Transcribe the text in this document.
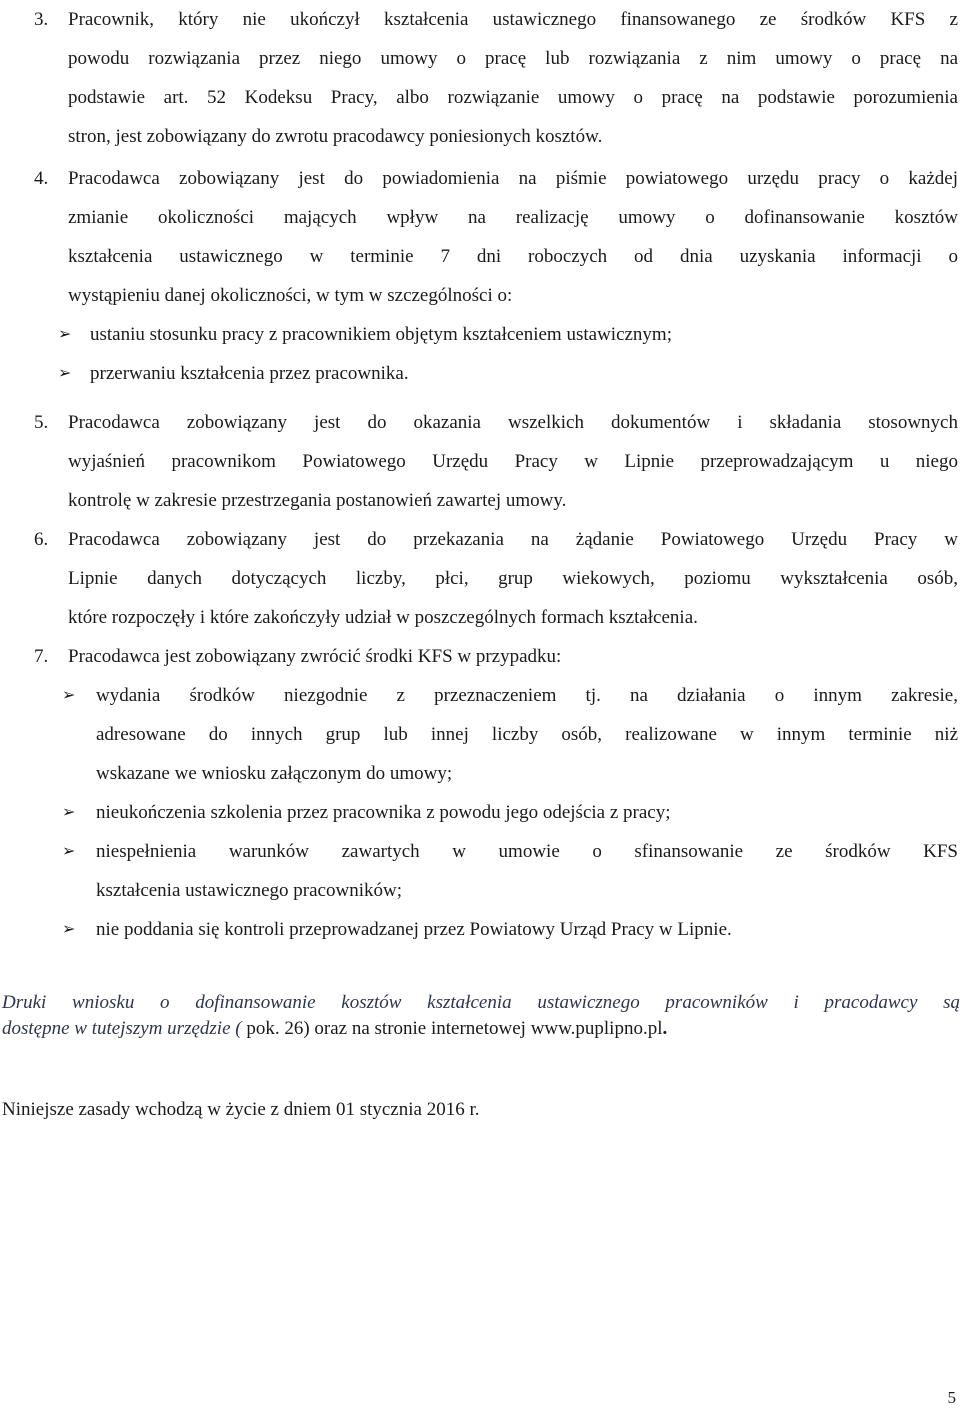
3. Pracownik, który nie ukończył kształcenia ustawicznego finansowanego ze środków KFS z
powodu rozwiązania przez niego umowy o pracę lub rozwiązania z nim umowy o pracę na
podstawie art. 52 Kodeksu Pracy, albo rozwiązanie umowy o pracę na podstawie porozumienia
stron, jest zobowiązany do zwrotu pracodawcy poniesionych kosztów.
4. Pracodawca zobowiązany jest do powiadomienia na piśmie powiatowego urzędu pracy o każdej
zmianie okoliczności mających wpływ na realizację umowy o dofinansowanie kosztów
kształcenia ustawicznego w terminie 7 dni roboczych od dnia uzyskania informacji o
wystąpieniu danej okoliczności, w tym w szczególności o:
➢ ustaniu stosunku pracy z pracownikiem objętym kształceniem ustawicznym;
➢ przerwaniu kształcenia przez pracownika.
5. Pracodawca zobowiązany jest do okazania wszelkich dokumentów i składania stosownych
wyjaśnień pracownikom Powiatowego Urzędu Pracy w Lipnie przeprowadzającym u niego
kontrolę w zakresie przestrzegania postanowień zawartej umowy.
6. Pracodawca zobowiązany jest do przekazania na żądanie Powiatowego Urzędu Pracy w
Lipnie danych dotyczących liczby, płci, grup wiekowych, poziomu wykształcenia osób,
które rozpoczęły i które zakończyły udział w poszczególnych formach kształcenia.
7. Pracodawca jest zobowiązany zwrócić środki KFS w przypadku:
➢ wydania środków niezgodnie z przeznaczeniem tj. na działania o innym zakresie,
adresowane do innych grup lub innej liczby osób, realizowane w innym terminie niż
wskazane we wniosku załączonym do umowy;
➢ nieukończenia szkolenia przez pracownika z powodu jego odejścia z pracy;
➢ niespełnienia warunków zawartych w umowie o sfinansowanie ze środków KFS
kształcenia ustawicznego pracowników;
➢ nie poddania się kontroli przeprowadzanej przez Powiatowy Urząd Pracy w Lipnie.
Druki wniosku o dofinansowanie kosztów kształcenia ustawicznego pracowników i pracodawcy są
dostępne w tutejszym urzędzie ( pok. 26) oraz na stronie internetowej www.puplipno.pl.
Niniejsze zasady wchodzą w życie z dniem 01 stycznia 2016 r.
5
